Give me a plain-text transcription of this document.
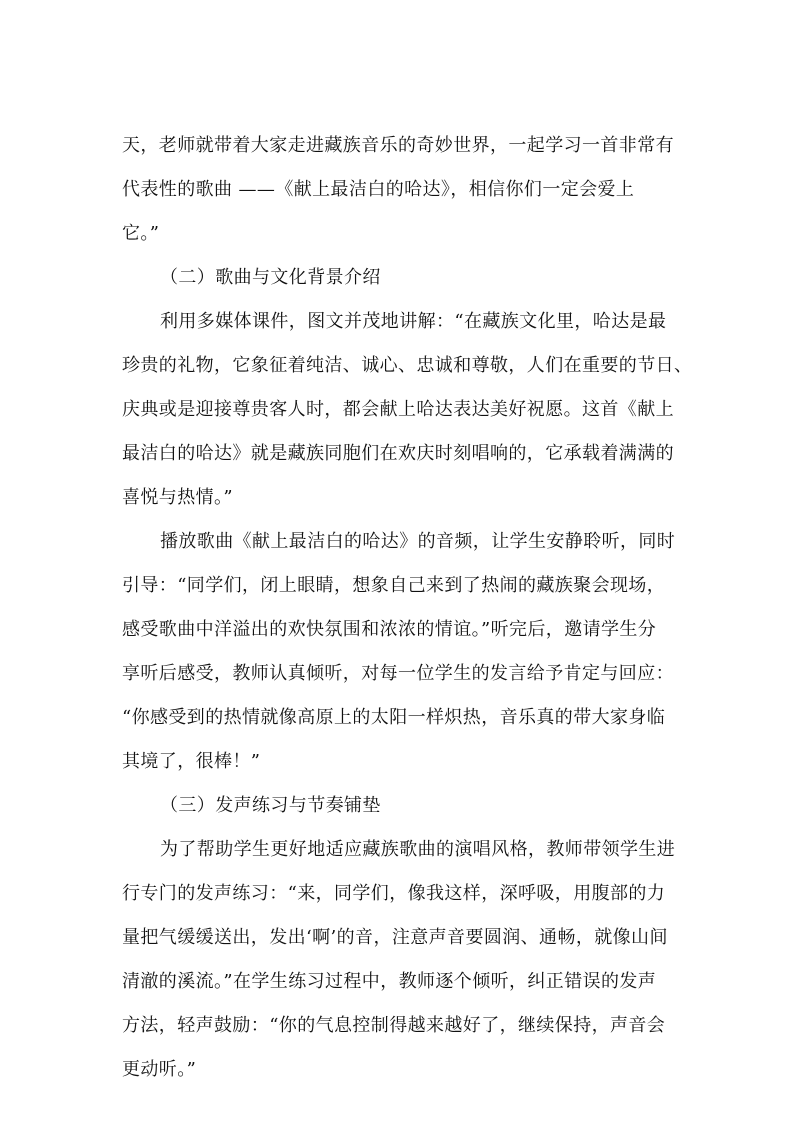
天，老师就带着大家走进藏族音乐的奇妙世界，一起学习一首非常有
代表性的歌曲 ——《献上最洁白的哈达》，相信你们一定会爱上
它。”
（二）歌曲与文化背景介绍
利用多媒体课件，图文并茂地讲解：“在藏族文化里，哈达是最
珍贵的礼物，它象征着纯洁、诚心、忠诚和尊敬，人们在重要的节日、
庆典或是迎接尊贵客人时，都会献上哈达表达美好祝愿。这首《献上
最洁白的哈达》就是藏族同胞们在欢庆时刻唱响的，它承载着满满的
喜悦与热情。”
播放歌曲《献上最洁白的哈达》的音频，让学生安静聆听，同时
引导：“同学们，闭上眼睛，想象自己来到了热闹的藏族聚会现场，
感受歌曲中洋溢出的欢快氛围和浓浓的情谊。”听完后，邀请学生分
享听后感受，教师认真倾听，对每一位学生的发言给予肯定与回应：
“你感受到的热情就像高原上的太阳一样炽热，音乐真的带大家身临
其境了，很棒！”
（三）发声练习与节奏铺垫
为了帮助学生更好地适应藏族歌曲的演唱风格，教师带领学生进
行专门的发声练习：“来，同学们，像我这样，深呼吸，用腹部的力
量把气缓缓送出，发出‘啊’的音，注意声音要圆润、通畅，就像山间
清澈的溪流。”在学生练习过程中，教师逐个倾听，纠正错误的发声
方法，轻声鼓励：“你的气息控制得越来越好了，继续保持，声音会
更动听。”
